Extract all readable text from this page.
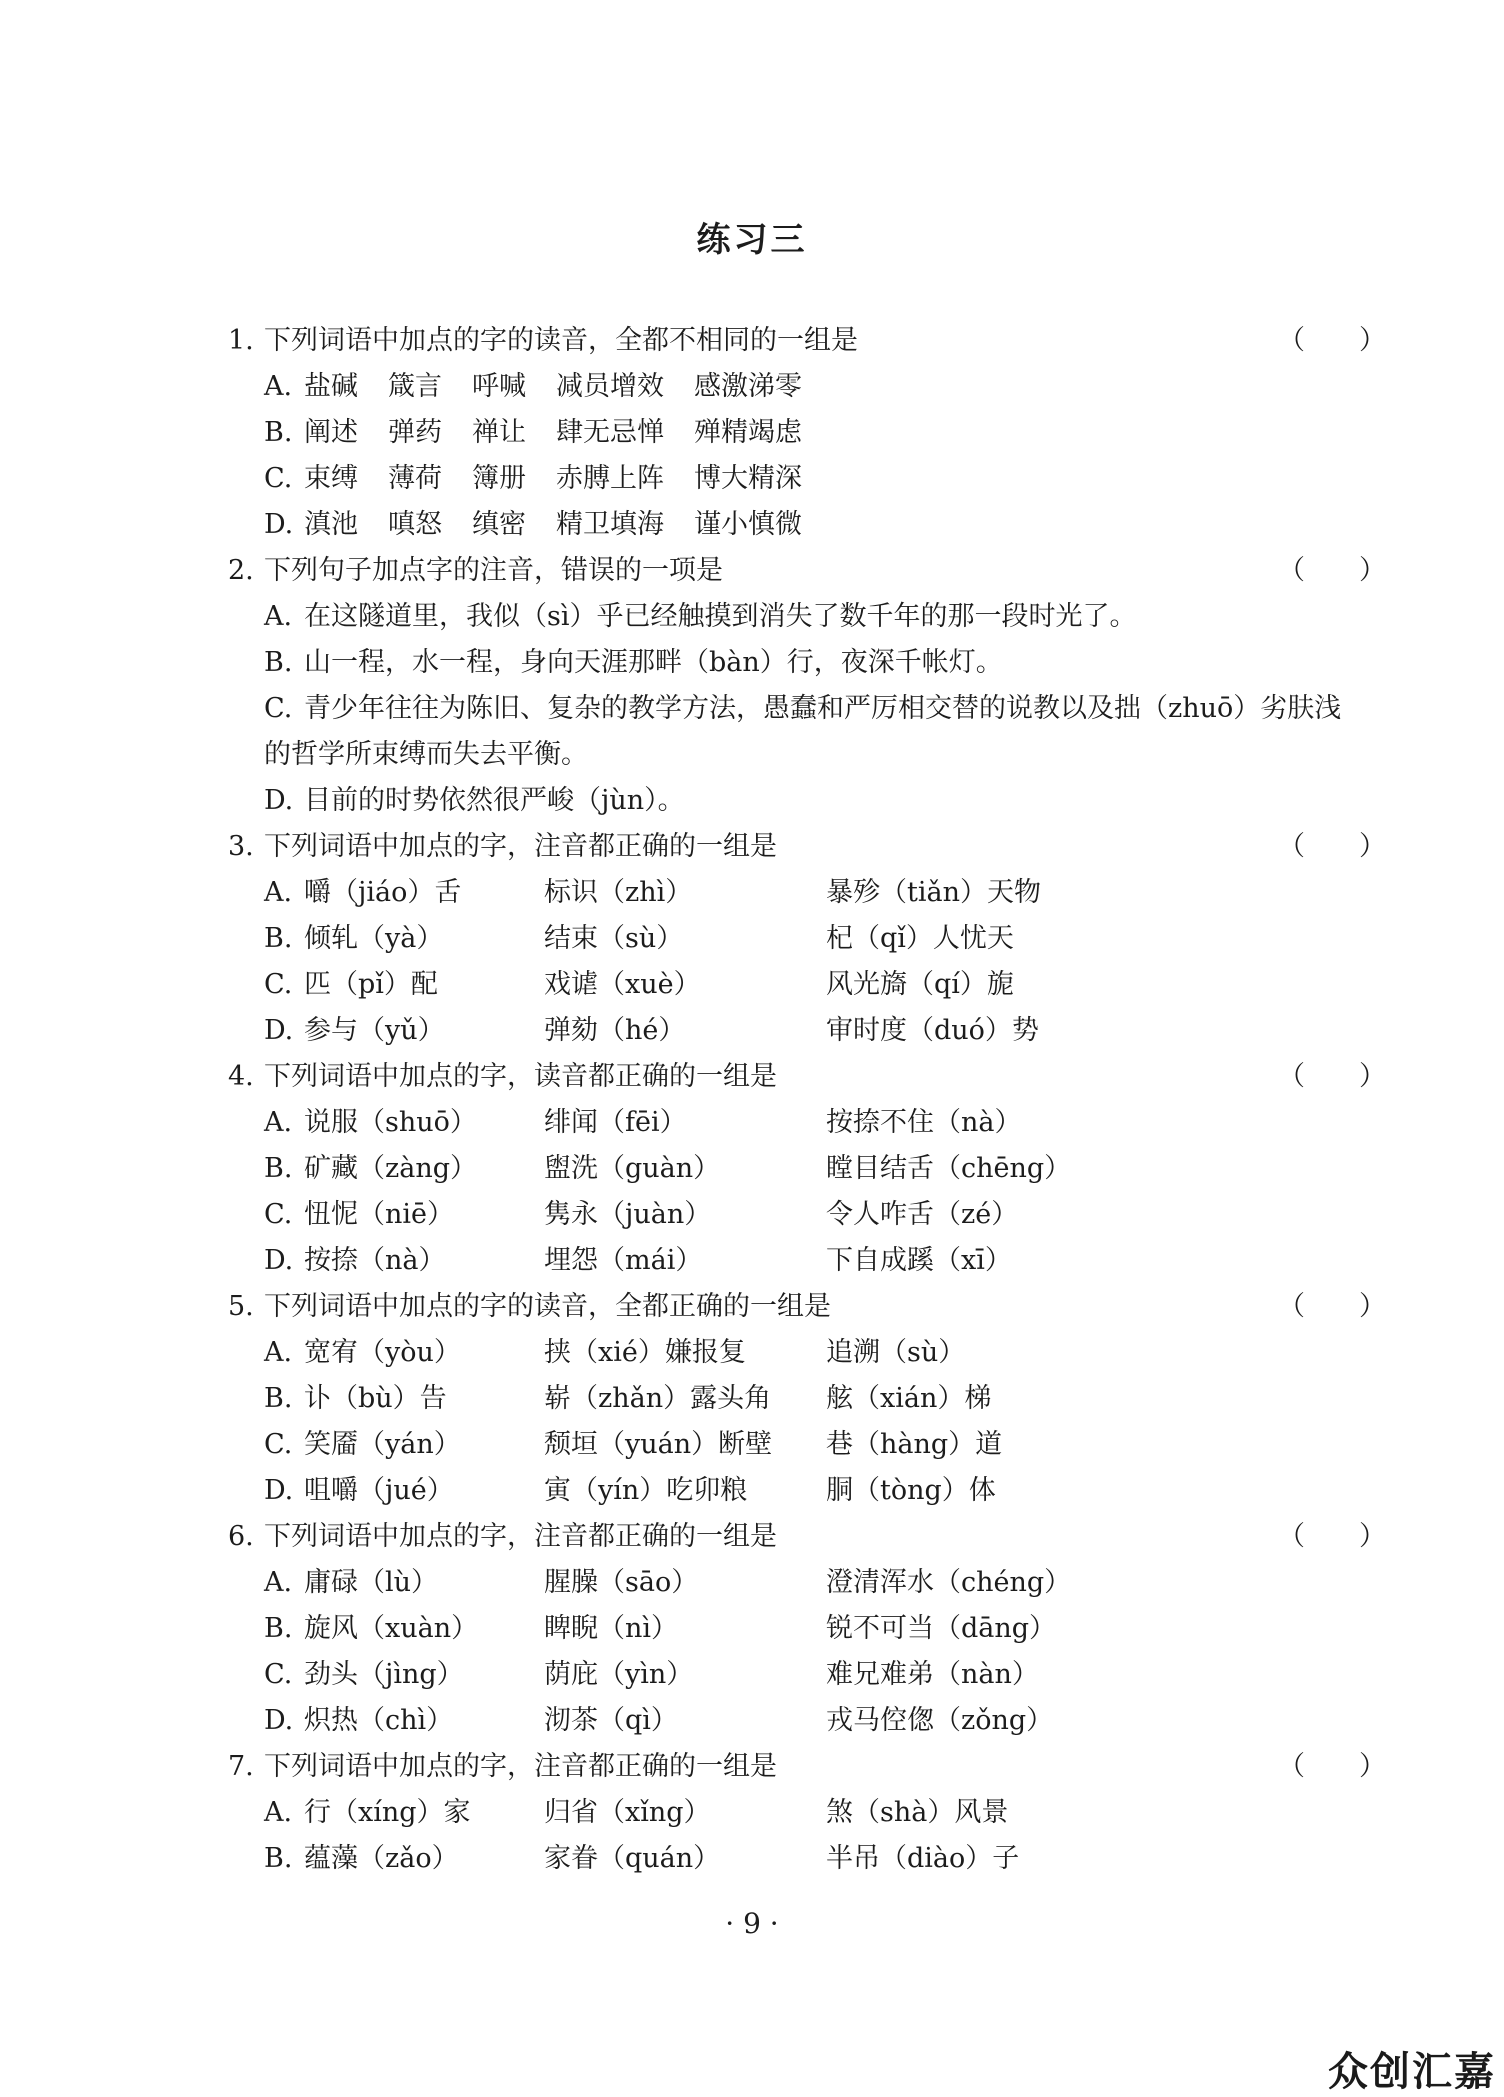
练习三
1. 下列词语中加点的字的读音，全都不相同的一组是	（　　）
A. 盐碱 箴言 呼喊 减员增效 感激涕零
B. 阐述 弹药 禅让 肆无忌惮 殚精竭虑
C. 束缚 薄荷 簿册 赤膊上阵 博大精深
D. 滇池 嗔怒 缜密 精卫填海 谨小慎微
2. 下列句子加点字的注音，错误的一项是	（　　）
A. 在这隧道里，我似（sì）乎已经触摸到消失了数千年的那一段时光了。
B. 山一程，水一程，身向天涯那畔（bàn）行，夜深千帐灯。
C. 青少年往往为陈旧、复杂的教学方法，愚蠢和严厉相交替的说教以及拙（zhuō）劣肤浅的哲学所束缚而失去平衡。
D. 目前的时势依然很严峻（jùn）。
3. 下列词语中加点的字，注音都正确的一组是	（　　）
A. 嚼（jiáo）舌	标识（zhì）	暴殄（tiǎn）天物
B. 倾轧（yà）	结束（sù）	杞（qǐ）人忧天
C. 匹（pǐ）配	戏谑（xuè）	风光旖（qí）旎
D. 参与（yǔ）	弹劾（hé）	审时度（duó）势
4. 下列词语中加点的字，读音都正确的一组是	（　　）
A. 说服（shuō） 绯闻（fēi）	按捺不住（nà）
B. 矿藏（zàng） 盥洗（guàn）	瞠目结舌（chēng）
C. 忸怩（niē）	隽永（juàn）	令人咋舌（zé）
D. 按捺（nà）	埋怨（mái）	下自成蹊（xī）
5. 下列词语中加点的字的读音，全都正确的一组是	（　　）
A. 宽宥（yòu）	挟（xié）嫌报复	追溯（sù）
B. 讣（bù）告	崭（zhǎn）露头角 舷（xián）梯
C. 笑靥（yán）	颓垣（yuán）断壁 巷（hàng）道
D. 咀嚼（jué）	寅（yín）吃卯粮	胴（tòng）体
6. 下列词语中加点的字，注音都正确的一组是	（　　）
A. 庸碌（lù）	腥臊（sāo）	澄清浑水（chéng）
B. 旋风（xuàn） 睥睨（nì）	锐不可当（dāng）
C. 劲头（jìng）	荫庇（yìn）	难兄难弟（nàn）
D. 炽热（chì）	沏茶（qì）	戎马倥偬（zǒng）
7. 下列词语中加点的字，注音都正确的一组是	（　　）
A. 行（xíng）家	归省（xǐng）	煞（shà）风景
B. 蕴藻（zǎo）	家眷（quán）	半吊（diào）子
· 9 ·
众创汇嘉
